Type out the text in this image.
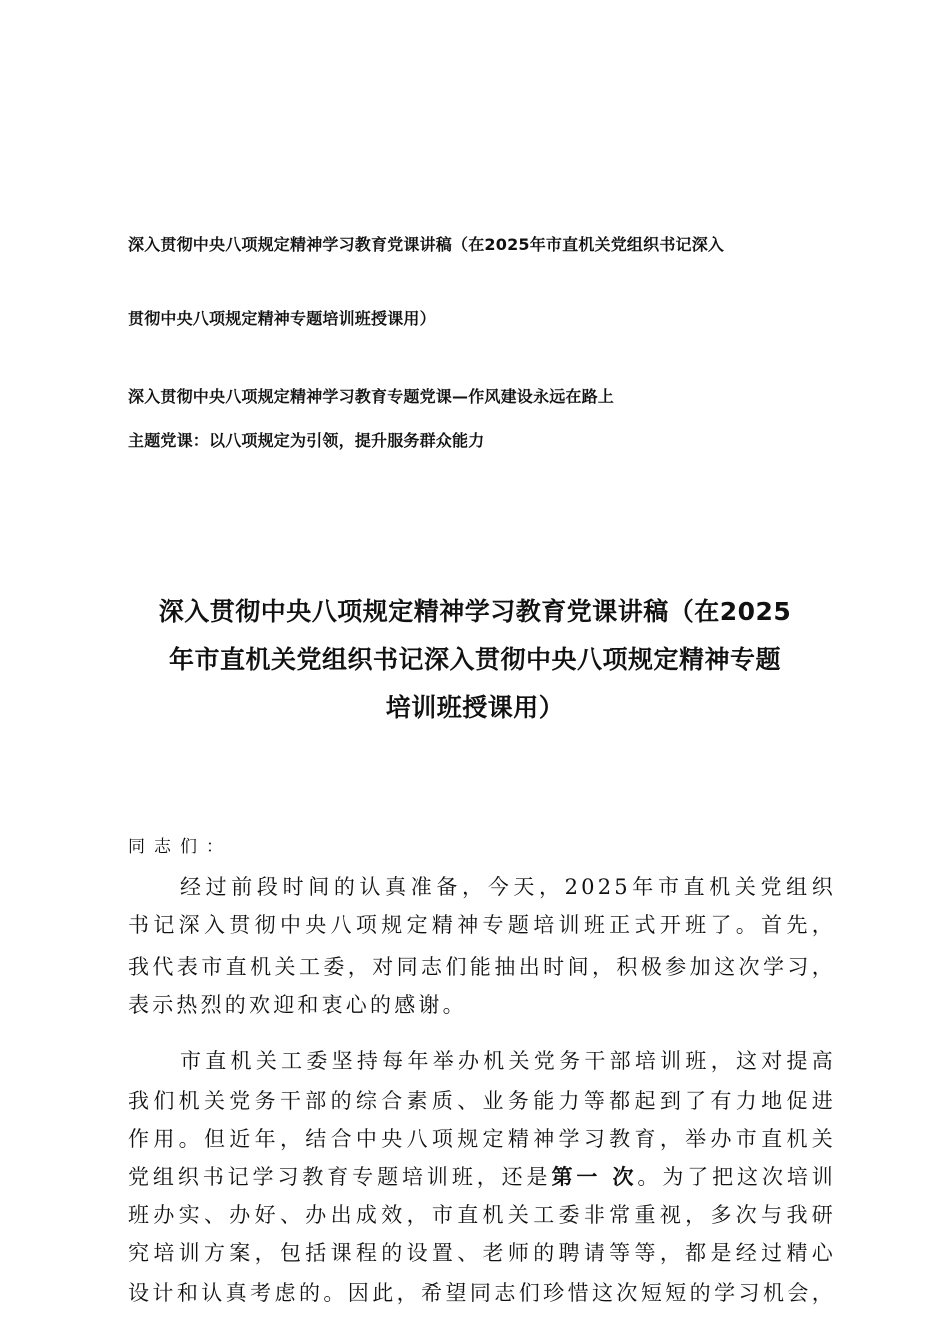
深入贯彻中央八项规定精神学习教育党课讲稿（在2025年市直机关党组织书记深入
贯彻中央八项规定精神专题培训班授课用）
深入贯彻中央八项规定精神学习教育专题党课—作风建设永远在路上
主题党课：以八项规定为引领，提升服务群众能力
深入贯彻中央八项规定精神学习教育党课讲稿（在2025
年市直机关党组织书记深入贯彻中央八项规定精神专题
培训班授课用）
同志们：
经过前段时间的认真准备，今天，2025年市直机关党组织
书记深入贯彻中央八项规定精神专题培训班正式开班了。首先，
我代表市直机关工委，对同志们能抽出时间，积极参加这次学习，
表示热烈的欢迎和衷心的感谢。
市直机关工委坚持每年举办机关党务干部培训班，这对提高
我们机关党务干部的综合素质、业务能力等都起到了有力地促进
作用。但近年，结合中央八项规定精神学习教育，举办市直机关
党组织书记学习教育专题培训班，还是第一 次。为了把这次培训
班办实、办好、办出成效，市直机关工委非常重视，多次与我研
究培训方案，包括课程的设置、老师的聘请等等，都是经过精心
设计和认真考虑的。因此，希望同志们珍惜这次短短的学习机会，
